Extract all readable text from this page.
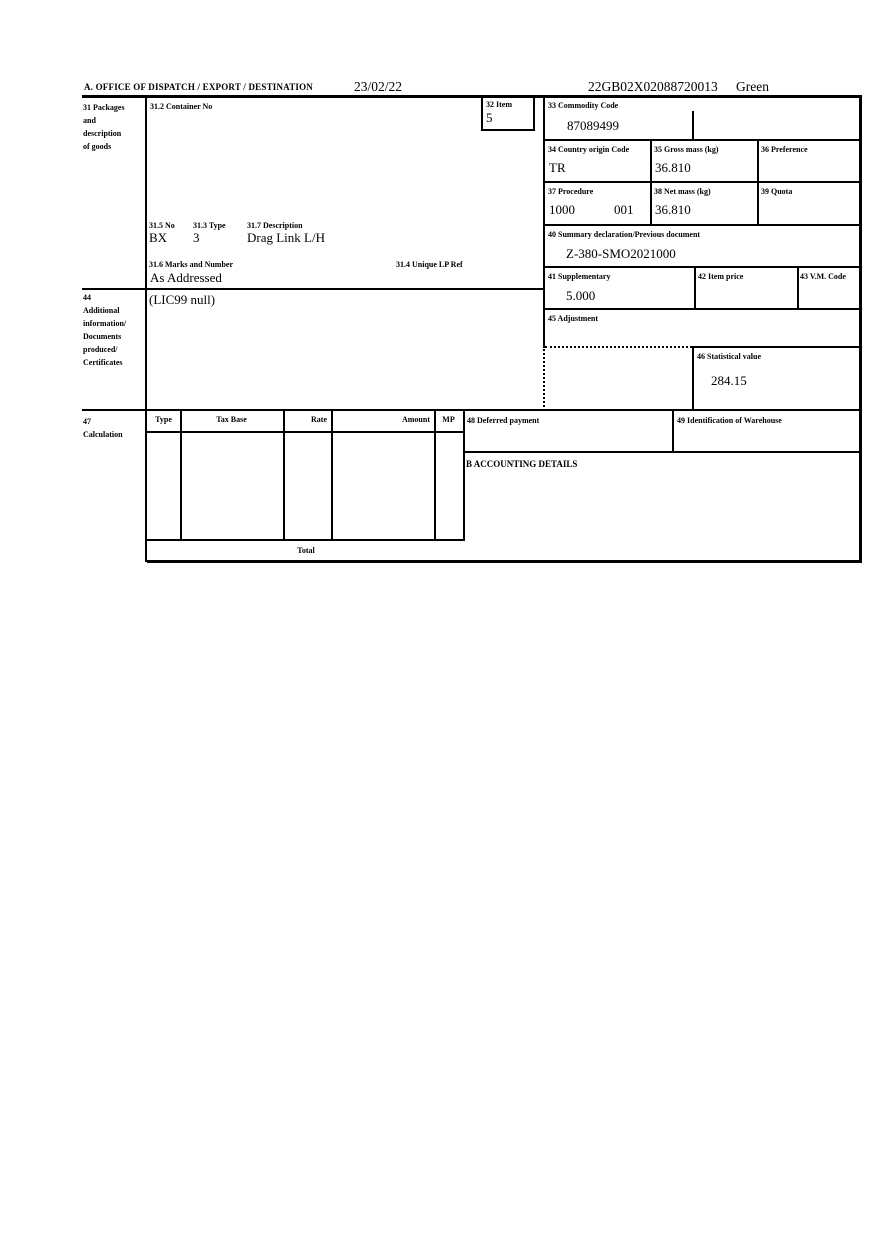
A. OFFICE OF DISPATCH / EXPORT / DESTINATION	23/02/22	22GB02X02088720013 Green
31 Packages
and
description
of goods
44
Additional
information/
Documents
produced/
Certificates
47
Calculation
31.2 Container No	32 Item
5
31.5 No 31.3 Type	31.7 Description
BX 3	Drag Link L/H
31.6 Marks and Number	31.4 Unique LP Ref
As Addressed
(LIC99 null)
33 Commodity Code
87089499
34 Country origin Code
TR
35 Gross mass (kg)
36.810
36 Preference
37 Procedure
1000	001
38 Net mass (kg)
36.810
39 Quota
40 Summary declaration/Previous document
Z-380-SMO2021000
41 Supplementary
5.000
42 Item price	43 V.M. Code
45 Adjustment
46 Statistical value
284.15
Type	Tax Base	Rate	Amount	MP
Total
48 Deferred payment	49 Identification of Warehouse
B ACCOUNTING DETAILS
